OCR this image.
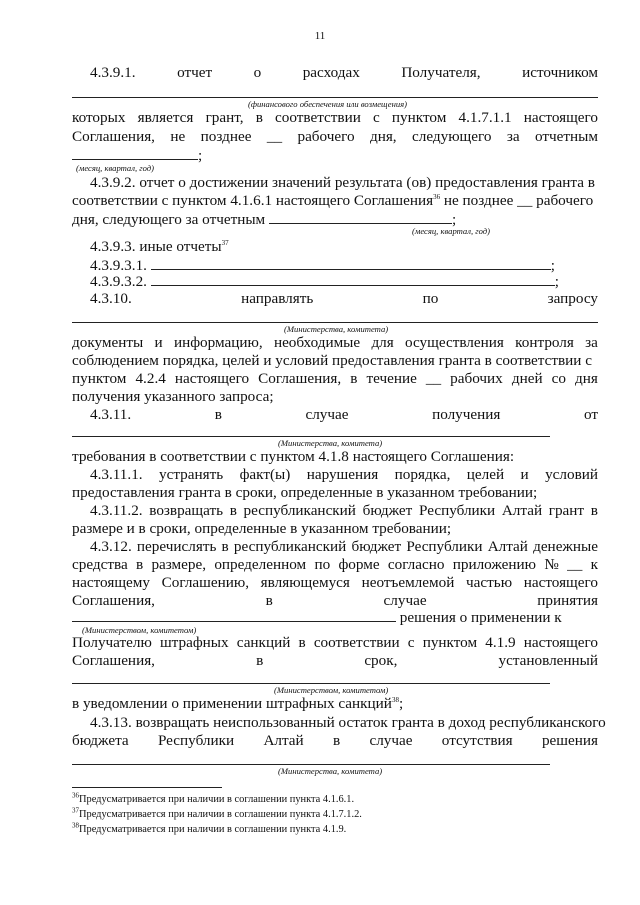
11
4.3.9.1.	отчет	о	расходах	Получателя,	источником
(финансового обеспечения или возмещения)
которых является грант, в соответствии с пунктом 4.1.7.1.1 настоящего
Соглашения, не позднее __ рабочего дня, следующего за отчетным
;
(месяц, квартал, год)
4.3.9.2. отчет о достижении значений результата (ов) предоставления гранта в
соответствии с пунктом 4.1.6.1 настоящего Соглашения$^{36}$ не позднее __ рабочего
дня, следующего за отчетным	;
(месяц, квартал, год)
4.3.9.3. иные отчеты$^{37}$
4.3.9.3.1.	;
4.3.9.3.2.	;
4.3.10.	направлять	по	запросу
(Министерства, комитета)
документы и информацию, необходимые для осуществления контроля за
соблюдением порядка, целей и условий предоставления гранта в соответствии с
пунктом 4.2.4 настоящего Соглашения, в течение __ рабочих дней со дня
получения указанного запроса;
4.3.11.	в	случае	получения	от
(Министерства, комитета)
требования в соответствии с пунктом 4.1.8 настоящего Соглашения:
4.3.11.1. устранять факт(ы) нарушения порядка, целей и условий
предоставления гранта в сроки, определенные в указанном требовании;
4.3.11.2. возвращать в республиканский бюджет Республики Алтай грант в
размере и в сроки, определенные в указанном требовании;
4.3.12. перечислять в республиканский бюджет Республики Алтай денежные
средства в размере, определенном по форме согласно приложению № __ к
настоящему Соглашению, являющемуся неотъемлемой частью настоящего
Соглашения,	в	случае	принятия
решения о применении к
(Министерством, комитетом)
Получателю штрафных санкций в соответствии с пунктом 4.1.9 настоящего
Соглашения,	в	срок,	установленный
(Министерством, комитетом)
в уведомлении о применении штрафных санкций$^{38}$;
4.3.13. возвращать неиспользованный остаток гранта в доход республиканского
бюджета Республики Алтай в случае отсутствия решения
(Министерства, комитета)
$^{36}$Предусматривается при наличии в соглашении пункта 4.1.6.1.
$^{37}$Предусматривается при наличии в соглашении пункта 4.1.7.1.2.
$^{38}$Предусматривается при наличии в соглашении пункта 4.1.9.
